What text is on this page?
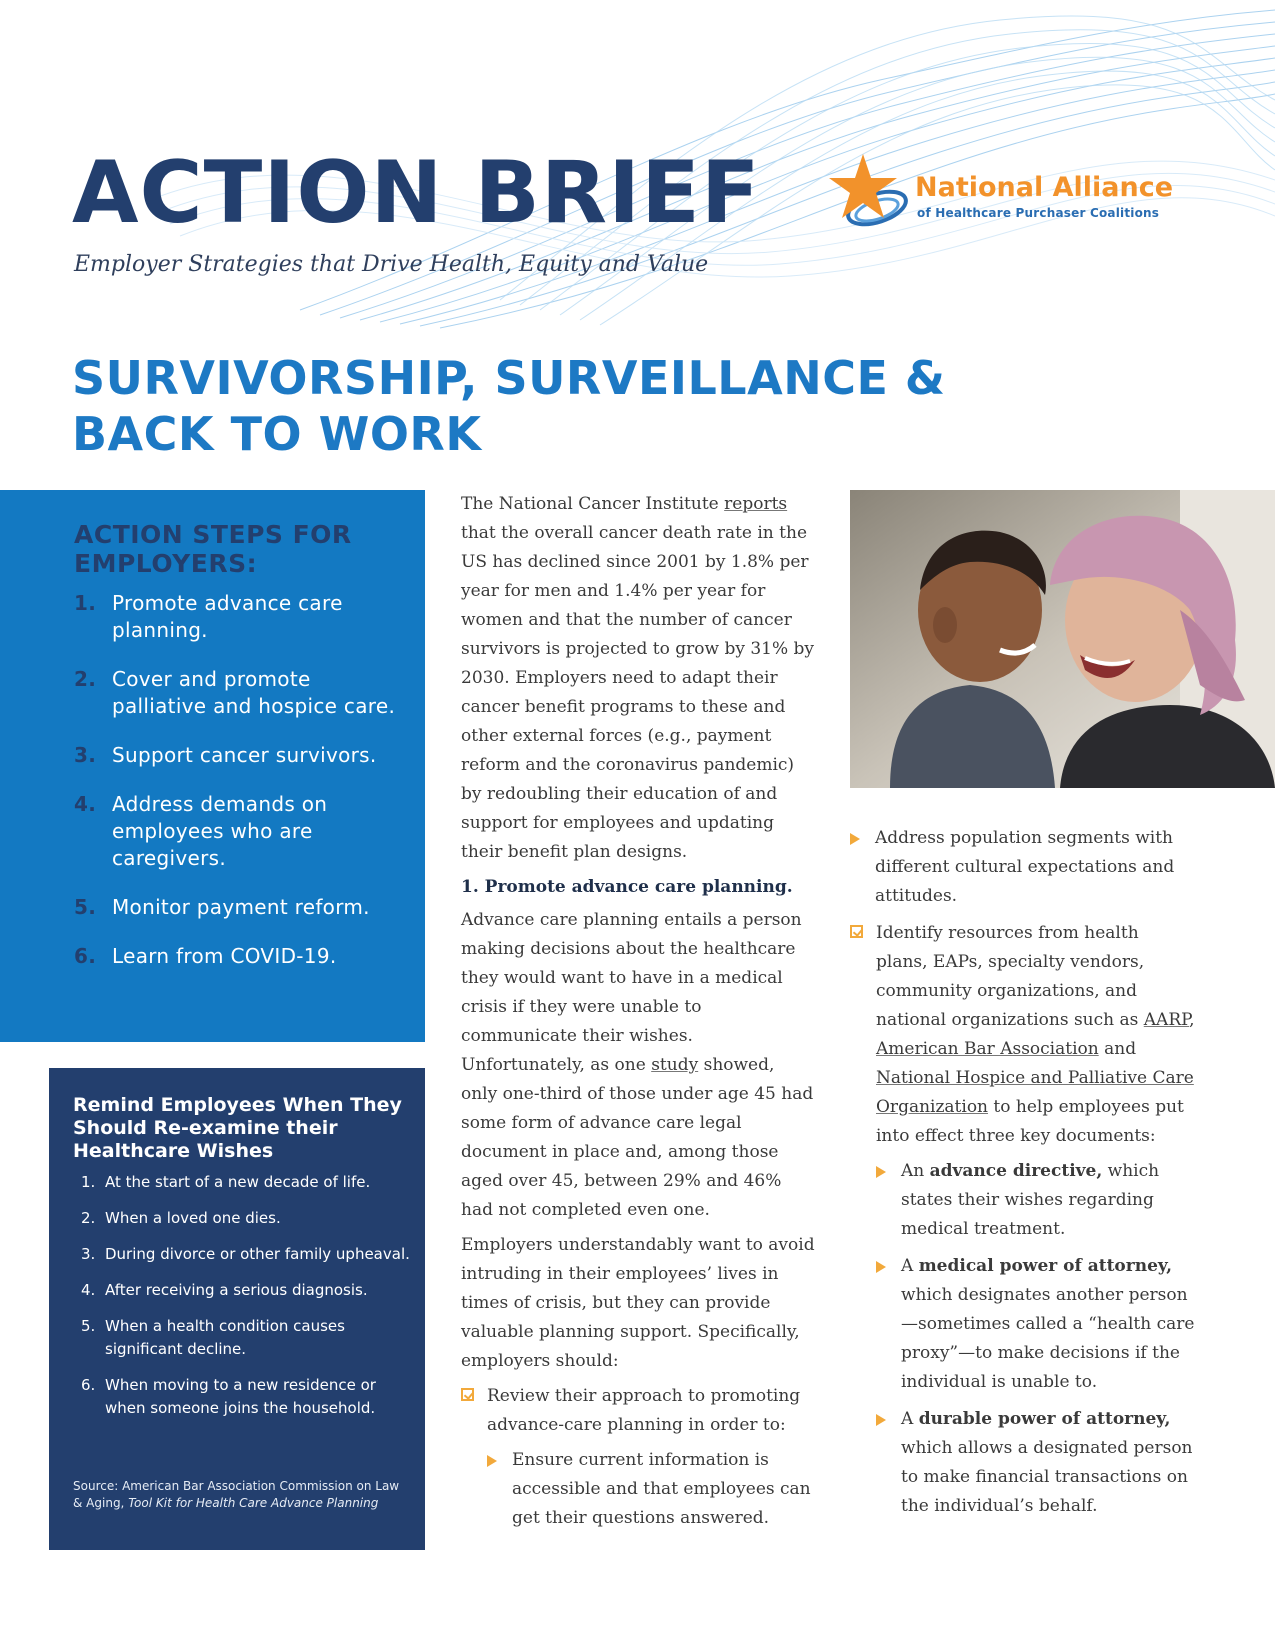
ACTION BRIEF
Employer Strategies that Drive Health, Equity and Value
National Alliance
of Healthcare Purchaser Coalitions
SURVIVORSHIP, SURVEILLANCE &
BACK TO WORK
ACTION STEPS FOR
EMPLOYERS:
1. Promote advance care planning.
2. Cover and promote palliative and hospice care.
3. Support cancer survivors.
4. Address demands on employees who are caregivers.
5. Monitor payment reform.
6. Learn from COVID-19.
Remind Employees When They Should Re-examine their Healthcare Wishes
1. At the start of a new decade of life.
2. When a loved one dies.
3. During divorce or other family upheaval.
4. After receiving a serious diagnosis.
5. When a health condition causes significant decline.
6. When moving to a new residence or when someone joins the household.
Source: American Bar Association Commission on Law & Aging, Tool Kit for Health Care Advance Planning

The National Cancer Institute reports that the overall cancer death rate in the US has declined since 2001 by 1.8% per year for men and 1.4% per year for women and that the number of cancer survivors is projected to grow by 31% by 2030. Employers need to adapt their cancer benefit programs to these and other external forces (e.g., payment reform and the coronavirus pandemic) by redoubling their education of and support for employees and updating their benefit plan designs.

1. Promote advance care planning.

Advance care planning entails a person making decisions about the healthcare they would want to have in a medical crisis if they were unable to communicate their wishes. Unfortunately, as one study showed, only one-third of those under age 45 had some form of advance care legal document in place and, among those aged over 45, between 29% and 46% had not completed even one.

Employers understandably want to avoid intruding in their employees’ lives in times of crisis, but they can provide valuable planning support. Specifically, employers should:

Review their approach to promoting advance-care planning in order to:
Ensure current information is accessible and that employees can get their questions answered.
Address population segments with different cultural expectations and attitudes.
Identify resources from health plans, EAPs, specialty vendors, community organizations, and national organizations such as AARP, American Bar Association and National Hospice and Palliative Care Organization to help employees put into effect three key documents:
An advance directive, which states their wishes regarding medical treatment.
A medical power of attorney, which designates another person—sometimes called a “health care proxy”—to make decisions if the individual is unable to.
A durable power of attorney, which allows a designated person to make financial transactions on the individual’s behalf.
